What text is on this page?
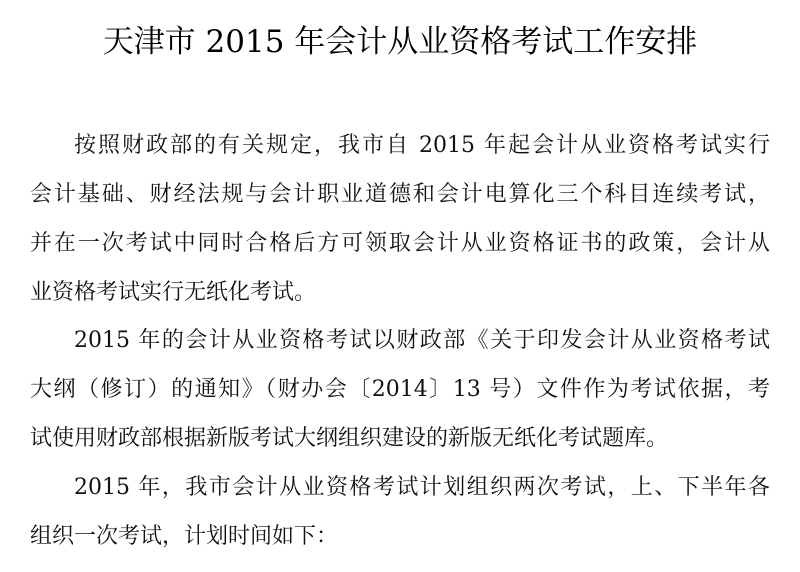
天津市 2015 年会计从业资格考试工作安排
按照财政部的有关规定，我市自 2015 年起会计从业资格考试实行
会计基础、财经法规与会计职业道德和会计电算化三个科目连续考试，
并在一次考试中同时合格后方可领取会计从业资格证书的政策，会计从
业资格考试实行无纸化考试。
2015 年的会计从业资格考试以财政部《关于印发会计从业资格考试
大纲（修订）的通知》（财办会〔2014〕13 号）文件作为考试依据，考
试使用财政部根据新版考试大纲组织建设的新版无纸化考试题库。
2015 年，我市会计从业资格考试计划组织两次考试，上、下半年各
组织一次考试，计划时间如下：
